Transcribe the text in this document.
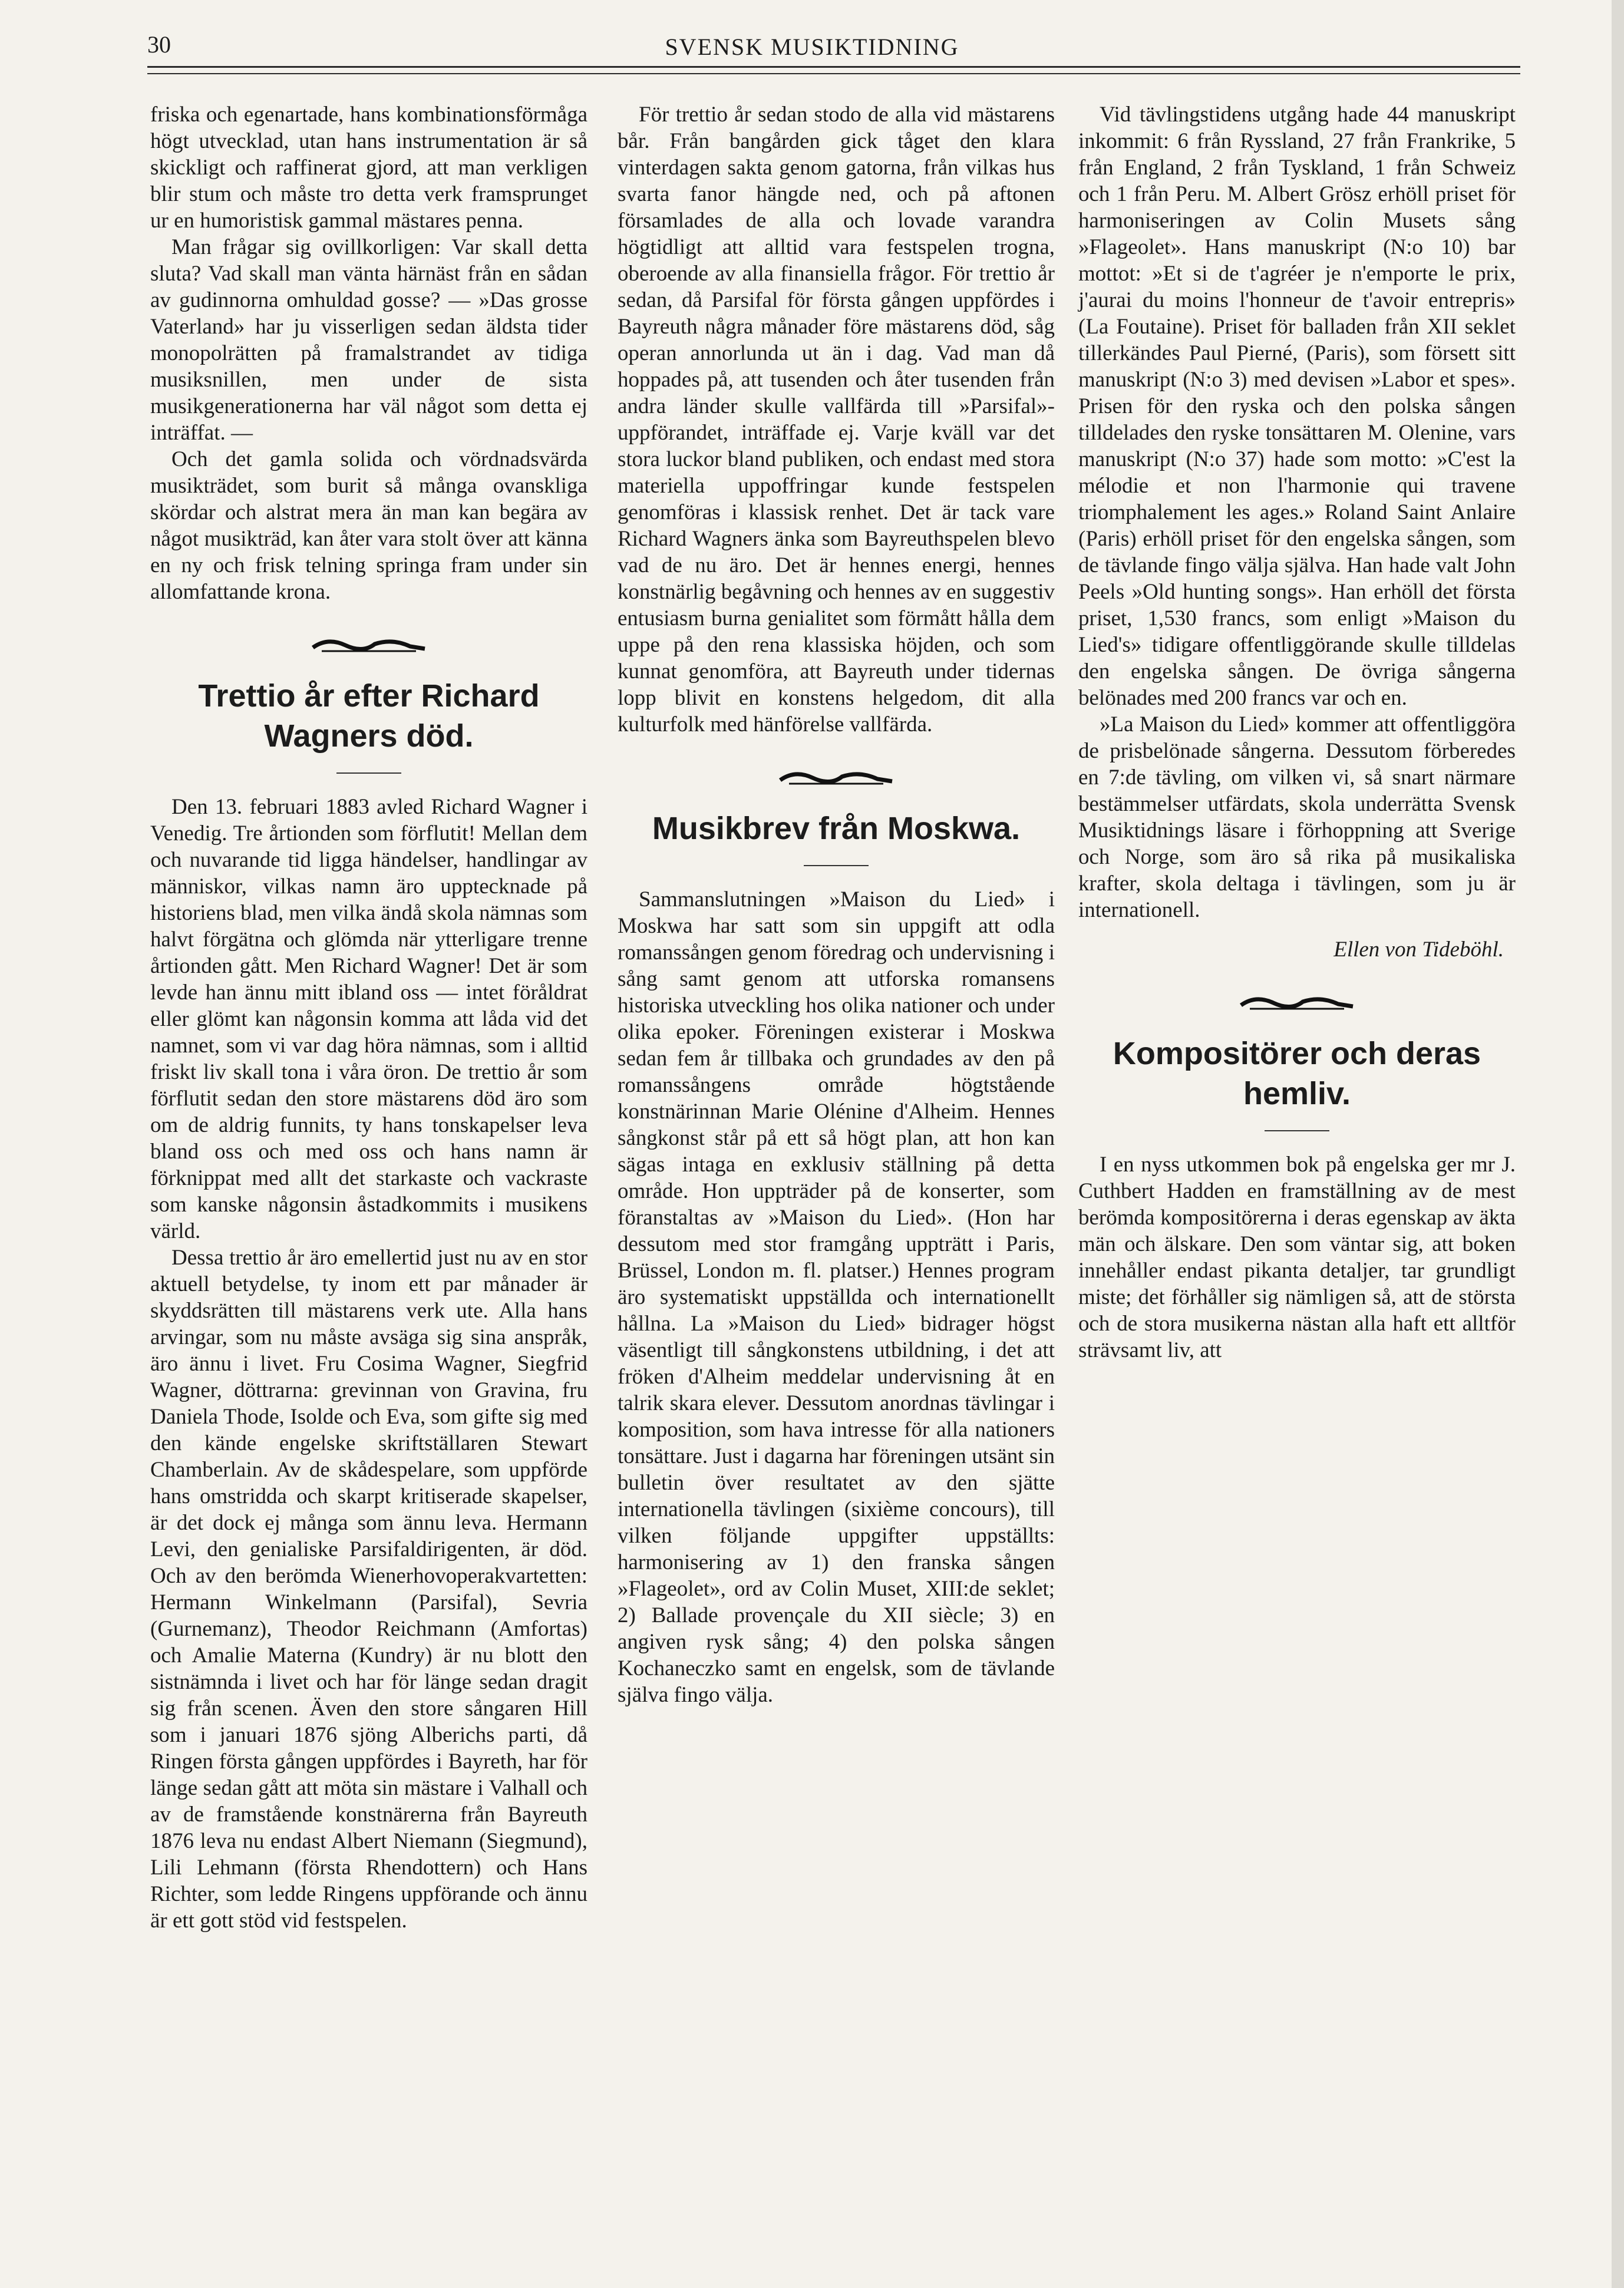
30	SVENSK MUSIKTIDNING

friska och egenartade, hans kombinationsförmåga högt utvecklad, utan hans instrumentation är så skickligt och raffinerat gjord, att man verkligen blir stum och måste tro detta verk framsprunget ur en humoristisk gammal mästares penna.

Man frågar sig ovillkorligen: Var skall detta sluta? Vad skall man vänta härnäst från en sådan av gudinnorna omhuldad gosse? — »Das grosse Vaterland» har ju visserligen sedan äldsta tider monopolrätten på framalstrandet av tidiga musiksnillen, men under de sista musikgenerationerna har väl något som detta ej inträffat. —

Och det gamla solida och vördnadsvärda musikträdet, som burit så många ovanskliga skördar och alstrat mera än man kan begära av något musikträd, kan åter vara stolt över att känna en ny och frisk telning springa fram under sin allomfattande krona.

Trettio år efter Richard Wagners död.

Den 13. februari 1883 avled Richard Wagner i Venedig. Tre årtionden som förflutit! Mellan dem och nuvarande tid ligga händelser, handlingar av människor, vilkas namn äro upptecknade på historiens blad, men vilka ändå skola nämnas som halvt förgätna och glömda när ytterligare trenne årtionden gått. Men Richard Wagner! Det är som levde han ännu mitt ibland oss — intet föråldrat eller glömt kan någonsin komma att låda vid det namnet, som vi var dag höra nämnas, som i alltid friskt liv skall tona i våra öron. De trettio år som förflutit sedan den store mästarens död äro som om de aldrig funnits, ty hans tonskapelser leva bland oss och med oss och hans namn är förknippat med allt det starkaste och vackraste som kanske någonsin åstadkommits i musikens värld.

Dessa trettio år äro emellertid just nu av en stor aktuell betydelse, ty inom ett par månader är skyddsrätten till mästarens verk ute. Alla hans arvingar, som nu måste avsäga sig sina anspråk, äro ännu i livet. Fru Cosima Wagner, Siegfrid Wagner, döttrarna: grevinnan von Gravina, fru Daniela Thode, Isolde och Eva, som gifte sig med den kände engelske skriftställaren Stewart Chamberlain. Av de skådespelare, som uppförde hans omstridda och skarpt kritiserade skapelser, är det dock ej många som ännu leva. Hermann Levi, den genialiske Parsifaldirigenten, är död. Och av den berömda Wienerhovoperakvartetten: Hermann Winkelmann (Parsifal), Sevria (Gurnemanz), Theodor Reichmann (Amfortas) och Amalie Materna (Kundry) är nu blott den sistnämnda i livet och har för länge sedan dragit sig från scenen. Även den store sångaren Hill som i januari 1876 sjöng Alberichs parti, då Ringen första gången uppfördes i Bayreth, har för länge sedan gått att möta sin mästare i Valhall och av de framstående konstnärerna från Bayreuth 1876 leva nu endast Albert Niemann (Siegmund), Lili Lehmann (första Rhendottern) och Hans Richter, som ledde Ringens uppförande och ännu är ett gott stöd vid festspelen.

För trettio år sedan stodo de alla vid mästarens bår. Från bangården gick tåget den klara vinterdagen sakta genom gatorna, från vilkas hus svarta fanor hängde ned, och på aftonen församlades de alla och lovade varandra högtidligt att alltid vara festspelen trogna, oberoende av alla finansiella frågor. För trettio år sedan, då Parsifal för första gången uppfördes i Bayreuth några månader före mästarens död, såg operan annorlunda ut än i dag. Vad man då hoppades på, att tusenden och åter tusenden från andra länder skulle vallfärda till »Parsifal»-uppförandet, inträffade ej. Varje kväll var det stora luckor bland publiken, och endast med stora materiella uppoffringar kunde festspelen genomföras i klassisk renhet. Det är tack vare Richard Wagners änka som Bayreuthspelen blevo vad de nu äro. Det är hennes energi, hennes konstnärlig begåvning och hennes av en suggestiv entusiasm burna genialitet som förmått hålla dem uppe på den rena klassiska höjden, och som kunnat genomföra, att Bayreuth under tidernas lopp blivit en konstens helgedom, dit alla kulturfolk med hänförelse vallfärda.

Musikbrev från Moskwa.

Sammanslutningen »Maison du Lied» i Moskwa har satt som sin uppgift att odla romanssången genom föredrag och undervisning i sång samt genom att utforska romansens historiska utveckling hos olika nationer och under olika epoker. Föreningen existerar i Moskwa sedan fem år tillbaka och grundades av den på romanssångens område högtstående konstnärinnan Marie Olénine d'Alheim. Hennes sångkonst står på ett så högt plan, att hon kan sägas intaga en exklusiv ställning på detta område. Hon uppträder på de konserter, som föranstaltas av »Maison du Lied». (Hon har dessutom med stor framgång uppträtt i Paris, Brüssel, London m. fl. platser.) Hennes program äro systematiskt uppställda och internationellt hållna. La »Maison du Lied» bidrager högst väsentligt till sångkonstens utbildning, i det att fröken d'Alheim meddelar undervisning åt en talrik skara elever. Dessutom anordnas tävlingar i komposition, som hava intresse för alla nationers tonsättare. Just i dagarna har föreningen utsänt sin bulletin över resultatet av den sjätte internationella tävlingen (sixième concours), till vilken följande uppgifter uppställts: harmonisering av 1) den franska sången »Flageolet», ord av Colin Muset, XIII:de seklet; 2) Ballade provençale du XII siècle; 3) en angiven rysk sång; 4) den polska sången Kochaneczko samt en engelsk, som de tävlande själva fingo välja.

Vid tävlingstidens utgång hade 44 manuskript inkommit: 6 från Ryssland, 27 från Frankrike, 5 från England, 2 från Tyskland, 1 från Schweiz och 1 från Peru. M. Albert Grösz erhöll priset för harmoniseringen av Colin Musets sång »Flageolet». Hans manuskript (N:o 10) bar mottot: »Et si de t'agréer je n'emporte le prix, j'aurai du moins l'honneur de t'avoir entrepris» (La Foutaine). Priset för balladen från XII seklet tillerkändes Paul Pierné, (Paris), som försett sitt manuskript (N:o 3) med devisen »Labor et spes». Prisen för den ryska och den polska sången tilldelades den ryske tonsättaren M. Olenine, vars manuskript (N:o 37) hade som motto: »C'est la mélodie et non l'harmonie qui travene triomphalement les ages.» Roland Saint Anlaire (Paris) erhöll priset för den engelska sången, som de tävlande fingo välja själva. Han hade valt John Peels »Old hunting songs». Han erhöll det första priset, 1,530 francs, som enligt »Maison du Lied's» tidigare offentliggörande skulle tilldelas den engelska sången. De övriga sångerna belönades med 200 francs var och en.

»La Maison du Lied» kommer att offentliggöra de prisbelönade sångerna. Dessutom förberedes en 7:de tävling, om vilken vi, så snart närmare bestämmelser utfärdats, skola underrätta Svensk Musiktidnings läsare i förhoppning att Sverige och Norge, som äro så rika på musikaliska krafter, skola deltaga i tävlingen, som ju är internationell.

Ellen von Tideböhl.

Kompositörer och deras hemliv.

I en nyss utkommen bok på engelska ger mr J. Cuthbert Hadden en framställning av de mest berömda kompositörerna i deras egenskap av äkta män och älskare. Den som väntar sig, att boken innehåller endast pikanta detaljer, tar grundligt miste; det förhåller sig nämligen så, att de största och de stora musikerna nästan alla haft ett alltför strävsamt liv, att
